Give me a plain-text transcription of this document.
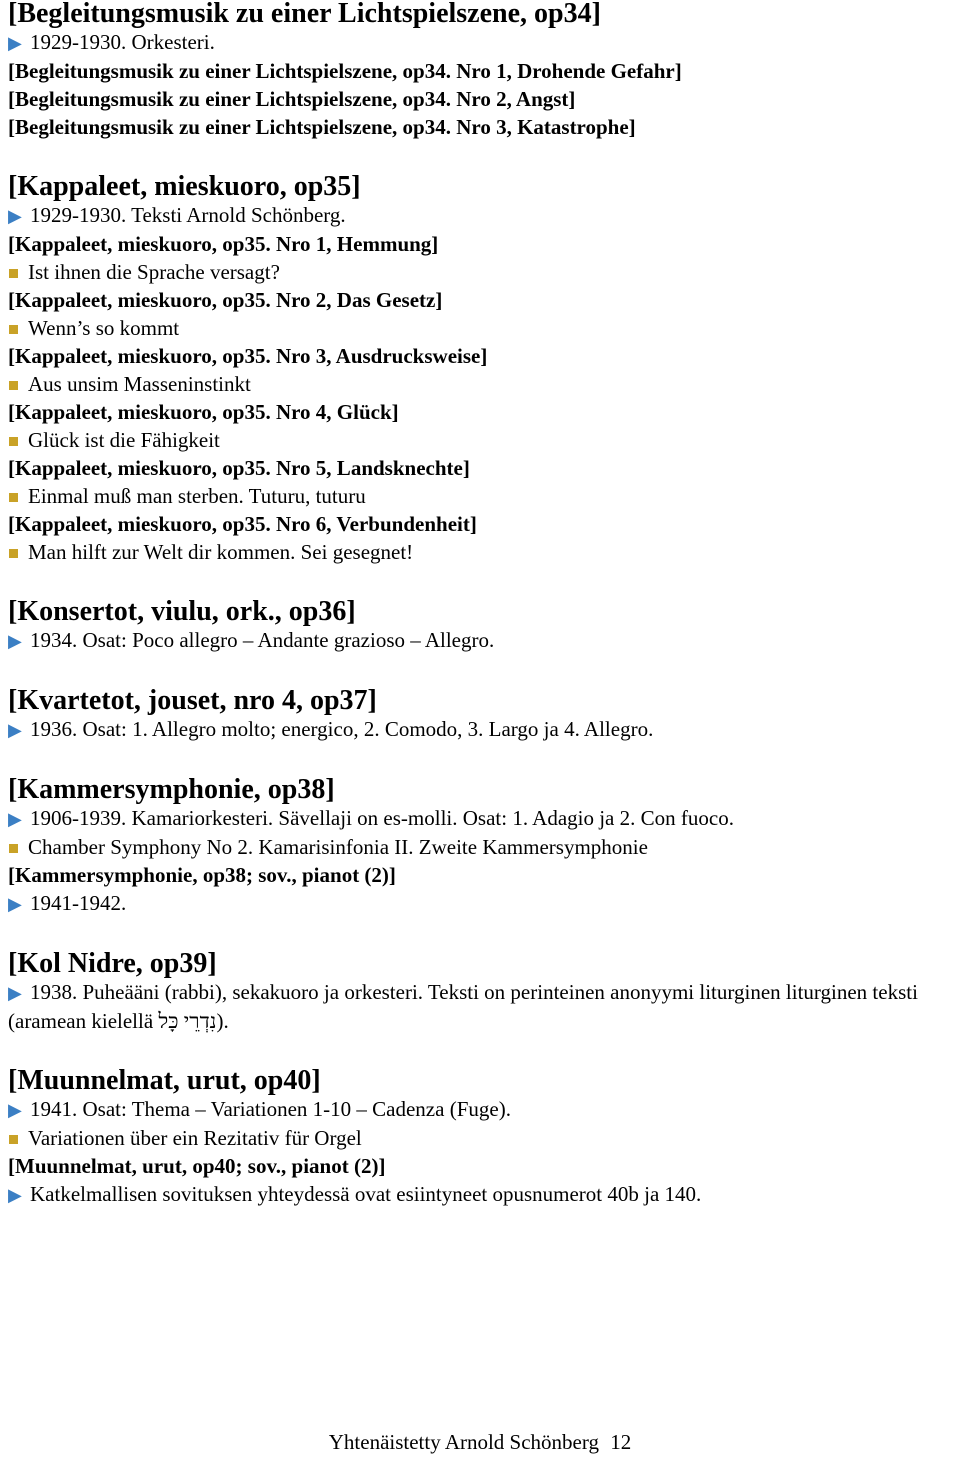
[Begleitungsmusik zu einer Lichtspielszene, op34]
▶ 1929-1930. Orkesteri.
[Begleitungsmusik zu einer Lichtspielszene, op34. Nro 1, Drohende Gefahr]
[Begleitungsmusik zu einer Lichtspielszene, op34. Nro 2, Angst]
[Begleitungsmusik zu einer Lichtspielszene, op34. Nro 3, Katastrophe]
[Kappaleet, mieskuoro, op35]
▶ 1929-1930. Teksti Arnold Schönberg.
[Kappaleet, mieskuoro, op35. Nro 1, Hemmung]
Ist ihnen die Sprache versagt?
[Kappaleet, mieskuoro, op35. Nro 2, Das Gesetz]
Wenn’s so kommt
[Kappaleet, mieskuoro, op35. Nro 3, Ausdrucksweise]
Aus unsim Masseninstinkt
[Kappaleet, mieskuoro, op35. Nro 4, Glück]
Glück ist die Fähigkeit
[Kappaleet, mieskuoro, op35. Nro 5, Landsknechte]
Einmal muß man sterben. Tuturu, tuturu
[Kappaleet, mieskuoro, op35. Nro 6, Verbundenheit]
Man hilft zur Welt dir kommen. Sei gesegnet!
[Konsertot, viulu, ork., op36]
▶ 1934. Osat: Poco allegro – Andante grazioso – Allegro.
[Kvartetot, jouset, nro 4, op37]
▶ 1936. Osat: 1. Allegro molto; energico, 2. Comodo, 3. Largo ja 4. Allegro.
[Kammersymphonie, op38]
▶ 1906-1939. Kamariorkesteri. Sävellaji on es-molli. Osat: 1. Adagio ja 2. Con fuoco.
Chamber Symphony No 2. Kamarisinfonia II. Zweite Kammersymphonie
[Kammersymphonie, op38; sov., pianot (2)]
▶ 1941-1942.
[Kol Nidre, op39]
▶ 1938. Puheääni (rabbi), sekakuoro ja orkesteri. Teksti on perinteinen anonyymi liturginen liturginen teksti (aramean kielellä נִדְרֵי כָּל).
[Muunnelmat, urut, op40]
▶ 1941. Osat: Thema – Variationen 1-10 – Cadenza (Fuge).
Variationen über ein Rezitativ für Orgel
[Muunnelmat, urut, op40; sov., pianot (2)]
▶ Katkelmallisen sovituksen yhteydessä ovat esiintyneet opusnumerot 40b ja 140.
Yhtenäistetty Arnold Schönberg 12
